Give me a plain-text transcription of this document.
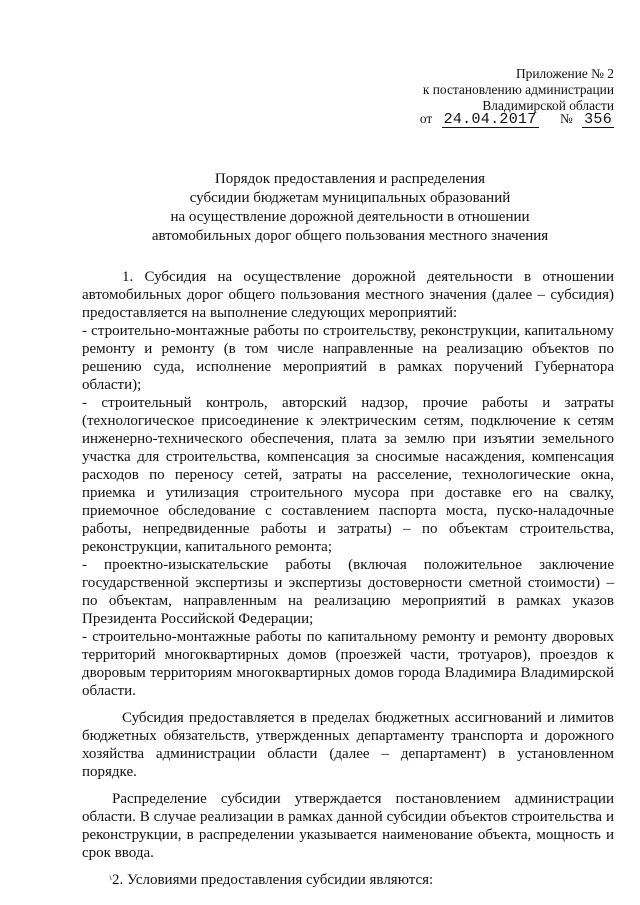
Приложение № 2
к постановлению администрации
Владимирской области
от 24.04.2017 № 356
Порядок предоставления и распределения
субсидии бюджетам муниципальных образований
на осуществление дорожной деятельности в отношении
автомобильных дорог общего пользования местного значения

1. Субсидия на осуществление дорожной деятельности в отношении автомобильных дорог общего пользования местного значения (далее – субсидия) предоставляется на выполнение следующих мероприятий:

- строительно-монтажные работы по строительству, реконструкции, капитальному ремонту и ремонту (в том числе направленные на реализацию объектов по решению суда, исполнение мероприятий в рамках поручений Губернатора области);

- строительный контроль, авторский надзор, прочие работы и затраты (технологическое присоединение к электрическим сетям, подключение к сетям инженерно-технического обеспечения, плата за землю при изъятии земельного участка для строительства, компенсация за сносимые насаждения, компенсация расходов по переносу сетей, затраты на расселение, технологические окна, приемка и утилизация строительного мусора при доставке его на свалку, приемочное обследование с составлением паспорта моста, пуско-наладочные работы, непредвиденные работы и затраты) – по объектам строительства, реконструкции, капитального ремонта;

- проектно-изыскательские работы (включая положительное заключение государственной экспертизы и экспертизы достоверности сметной стоимости) – по объектам, направленным на реализацию мероприятий в рамках указов Президента Российской Федерации;

- строительно-монтажные работы по капитальному ремонту и ремонту дворовых территорий многоквартирных домов (проезжей части, тротуаров), проездов к дворовым территориям многоквартирных домов города Владимира Владимирской области.

Субсидия предоставляется в пределах бюджетных ассигнований и лимитов бюджетных обязательств, утвержденных департаменту транспорта и дорожного хозяйства администрации области (далее – департамент) в установленном порядке.

Распределение субсидии утверждается постановлением администрации области. В случае реализации в рамках данной субсидии объектов строительства и реконструкции, в распределении указывается наименование объекта, мощность и срок ввода.

2. Условиями предоставления субсидии являются:

ı
